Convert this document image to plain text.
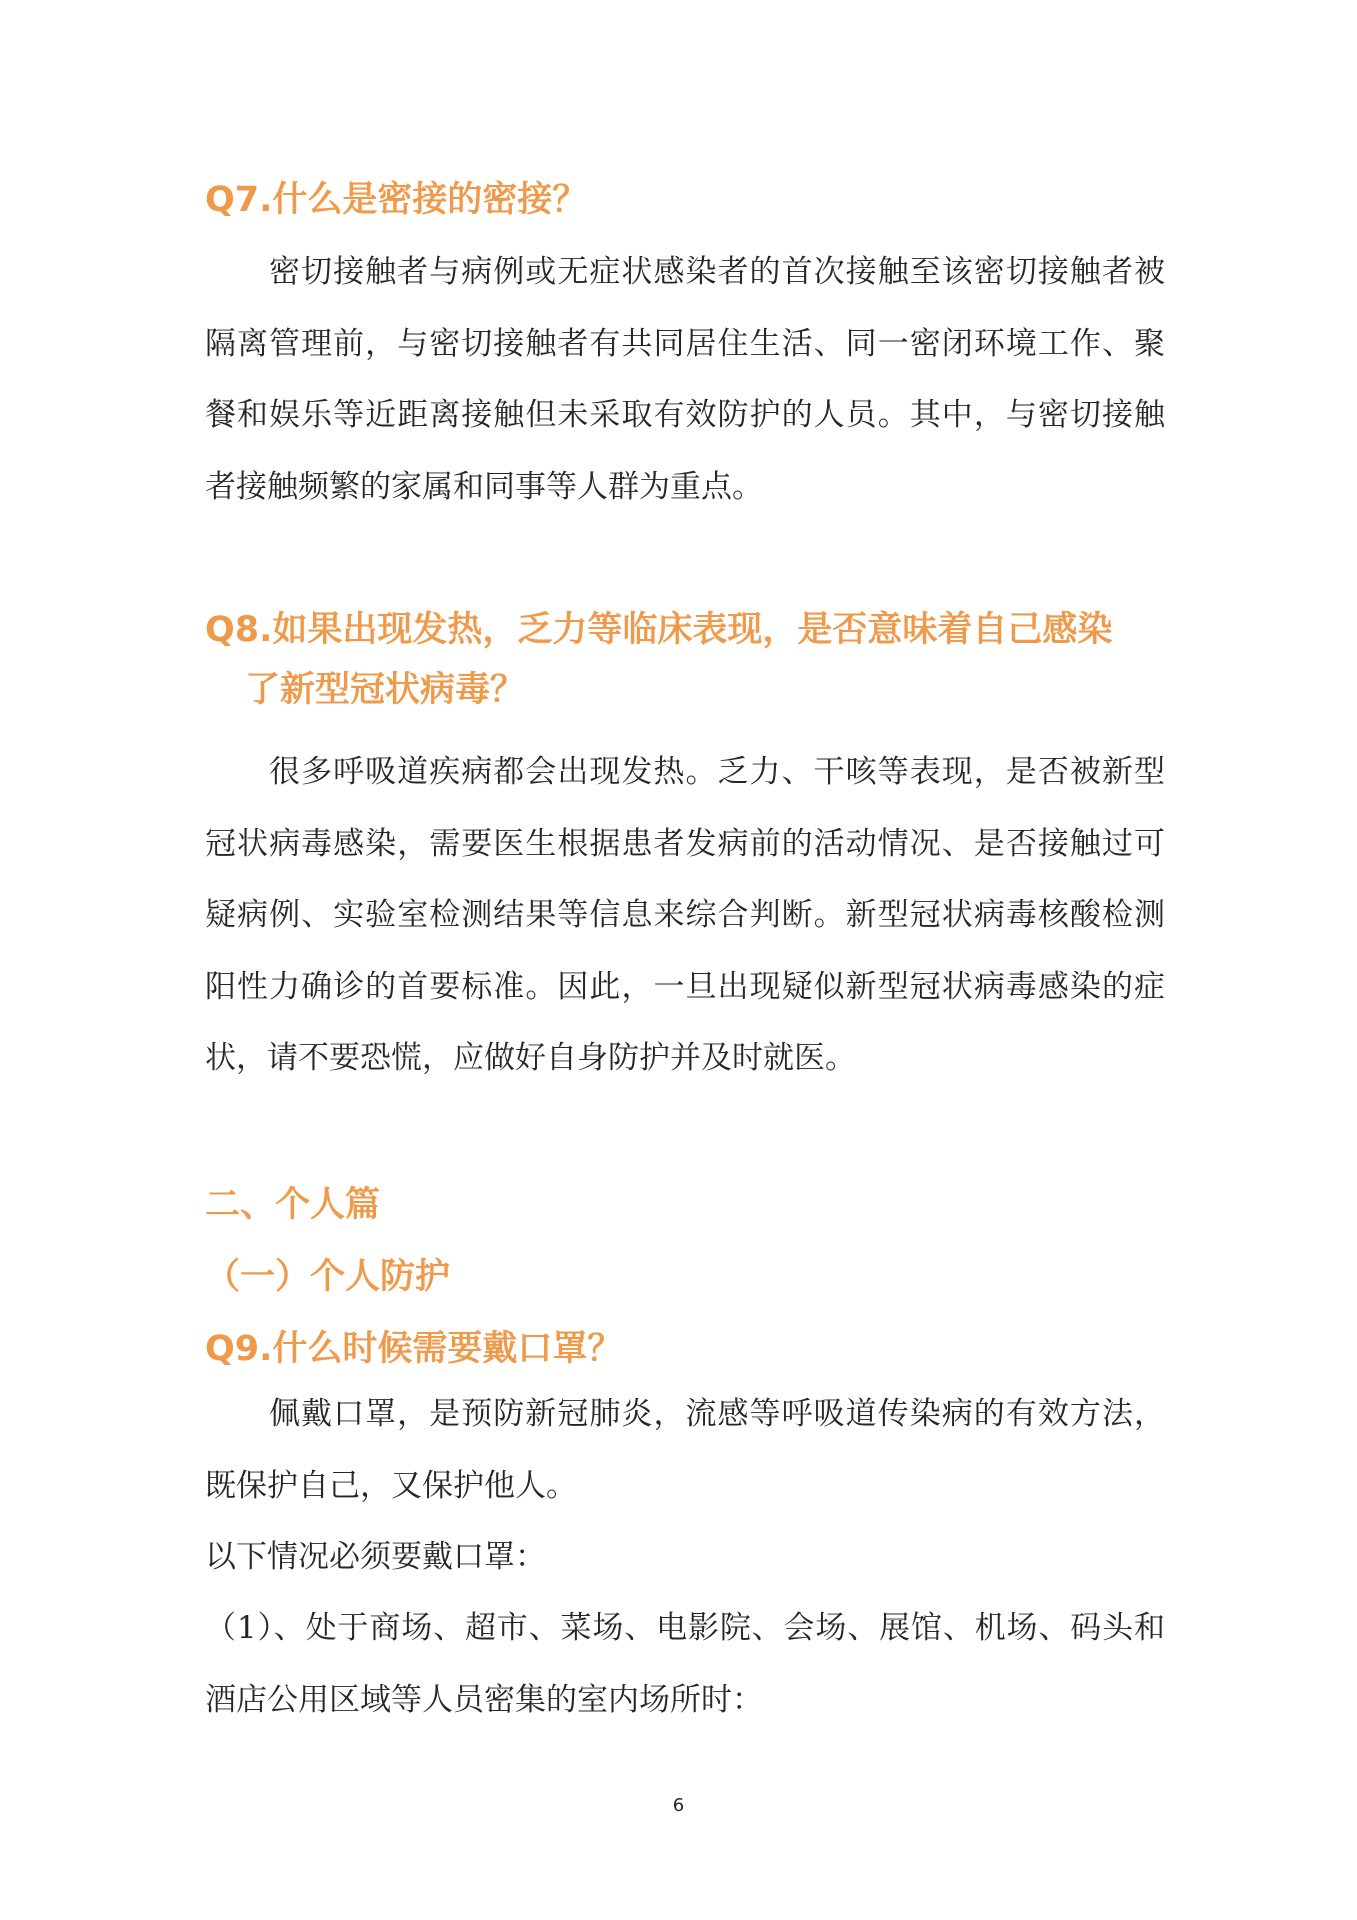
Q7.什么是密接的密接？

密切接触者与病例或无症状感染者的首次接触至该密切接触者被隔离管理前，与密切接触者有共同居住生活、同一密闭环境工作、聚餐和娱乐等近距离接触但未采取有效防护的人员。其中，与密切接触者接触频繁的家属和同事等人群为重点。

Q8.如果出现发热，乏力等临床表现，是否意味着自己感染
了新型冠状病毒？

很多呼吸道疾病都会出现发热。乏力、干咳等表现，是否被新型冠状病毒感染，需要医生根据患者发病前的活动情况、是否接触过可疑病例、实验室检测结果等信息来综合判断。新型冠状病毒核酸检测阳性力确诊的首要标准。因此，一旦出现疑似新型冠状病毒感染的症状，请不要恐慌，应做好自身防护并及时就医。

二、个人篇
（一）个人防护
Q9.什么时候需要戴口罩？

佩戴口罩，是预防新冠肺炎，流感等呼吸道传染病的有效方法，既保护自己，又保护他人。

以下情况必须要戴口罩：

（1）、处于商场、超市、菜场、电影院、会场、展馆、机场、码头和酒店公用区域等人员密集的室内场所时：

6
